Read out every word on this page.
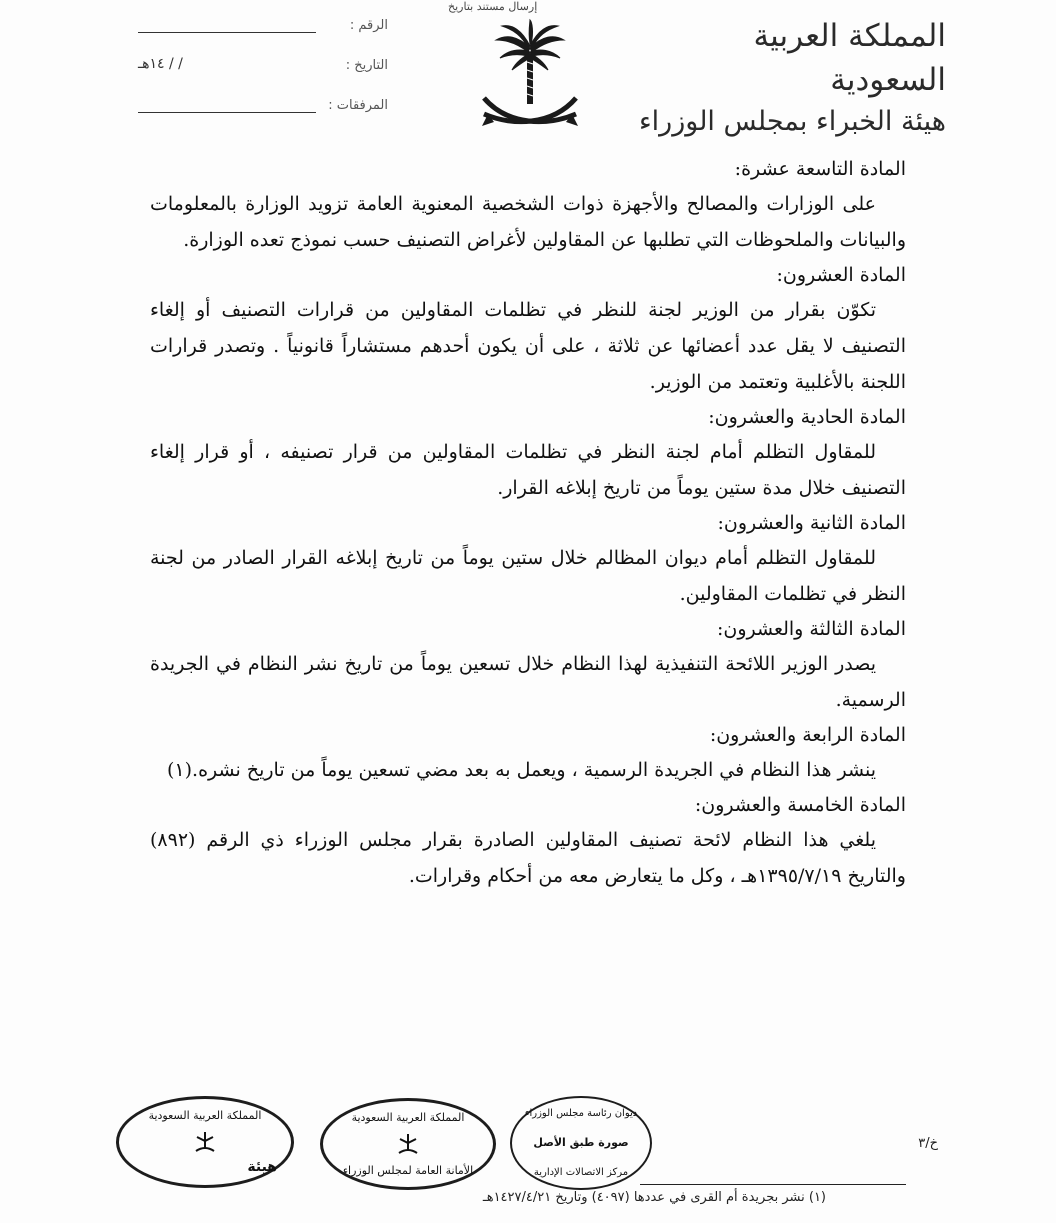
إرسال مستند بتاريخ
المملكة العربية السعودية
هيئة الخبراء بمجلس الوزراء
الرقم :
التاريخ :
/ / ١٤هـ
المرفقات :

المادة التاسعة عشرة:

على الوزارات والمصالح والأجهزة ذوات الشخصية المعنوية العامة تزويد الوزارة بالمعلومات والبيانات والملحوظات التي تطلبها عن المقاولين لأغراض التصنيف حسب نموذج تعده الوزارة.

المادة العشرون:

تكوّن بقرار من الوزير لجنة للنظر في تظلمات المقاولين من قرارات التصنيف أو إلغاء التصنيف لا يقل عدد أعضائها عن ثلاثة ، على أن يكون أحدهم مستشاراً قانونياً . وتصدر قرارات اللجنة بالأغلبية وتعتمد من الوزير.

المادة الحادية والعشرون:

للمقاول التظلم أمام لجنة النظر في تظلمات المقاولين من قرار تصنيفه ، أو قرار إلغاء التصنيف خلال مدة ستين يوماً من تاريخ إبلاغه القرار.

المادة الثانية والعشرون:

للمقاول التظلم أمام ديوان المظالم خلال ستين يوماً من تاريخ إبلاغه القرار الصادر من لجنة النظر في تظلمات المقاولين.

المادة الثالثة والعشرون:

يصدر الوزير اللائحة التنفيذية لهذا النظام خلال تسعين يوماً من تاريخ نشر النظام في الجريدة الرسمية.

المادة الرابعة والعشرون:

ينشر هذا النظام في الجريدة الرسمية ، ويعمل به بعد مضي تسعين يوماً من تاريخ نشره.(١)

المادة الخامسة والعشرون:

يلغي هذا النظام لائحة تصنيف المقاولين الصادرة بقرار مجلس الوزراء ذي الرقم (٨٩٢) والتاريخ ١٣٩٥/٧/١٩هـ ، وكل ما يتعارض معه من أحكام وقرارات.

المملكة العربية السعودية
هيئة
المملكة العربية السعودية
الأمانة العامة لمجلس الوزراء
ديوان رئاسة مجلس الوزراء
صورة طبق الأصل
مركز الاتصالات الإدارية
خ/٣
(١) نشر بجريدة أم القرى في عددها (٤٠٩٧) وتاريخ ١٤٢٧/٤/٢١هـ
